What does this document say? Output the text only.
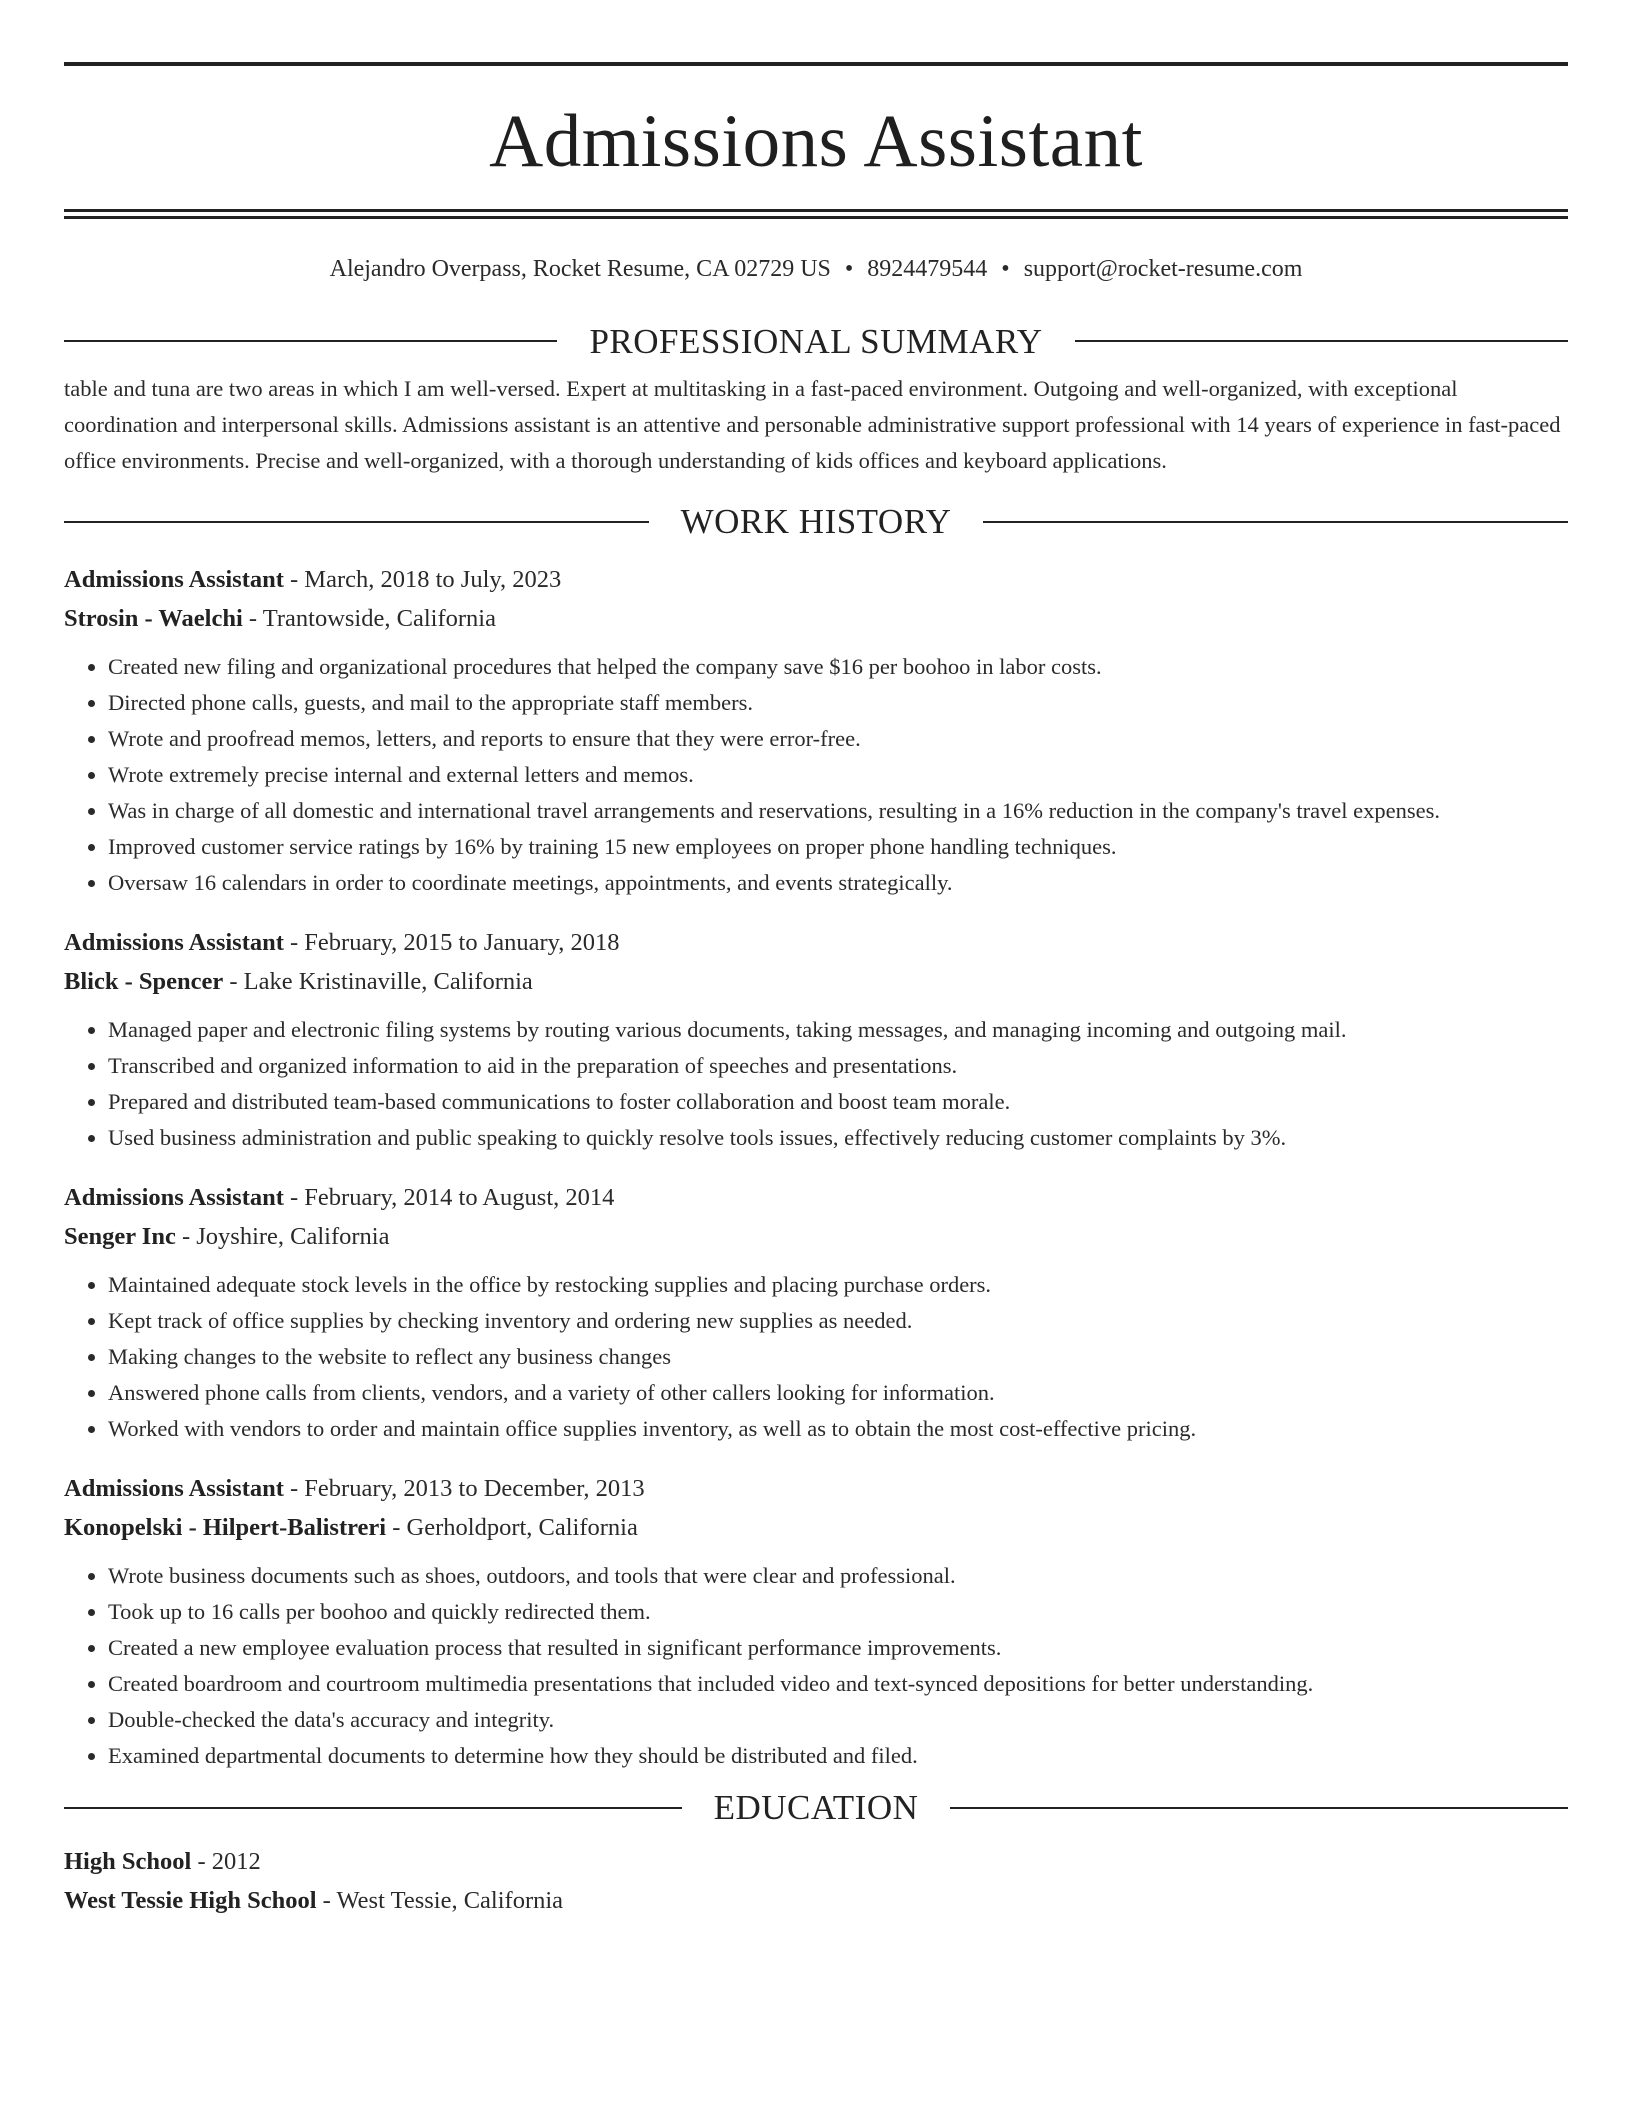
Admissions Assistant
Alejandro Overpass, Rocket Resume, CA 02729 US • 8924479544 • support@rocket-resume.com
PROFESSIONAL SUMMARY

table and tuna are two areas in which I am well-versed. Expert at multitasking in a fast-paced environment. Outgoing and well-organized, with exceptional coordination and interpersonal skills. Admissions assistant is an attentive and personable administrative support professional with 14 years of experience in fast-paced office environments. Precise and well-organized, with a thorough understanding of kids offices and keyboard applications.

WORK HISTORY
Admissions Assistant - March, 2018 to July, 2023
Strosin - Waelchi - Trantowside, California
• Created new filing and organizational procedures that helped the company save $16 per boohoo in labor costs.
• Directed phone calls, guests, and mail to the appropriate staff members.
• Wrote and proofread memos, letters, and reports to ensure that they were error-free.
• Wrote extremely precise internal and external letters and memos.
• Was in charge of all domestic and international travel arrangements and reservations, resulting in a 16% reduction in the company's travel expenses.
• Improved customer service ratings by 16% by training 15 new employees on proper phone handling techniques.
• Oversaw 16 calendars in order to coordinate meetings, appointments, and events strategically.
Admissions Assistant - February, 2015 to January, 2018
Blick - Spencer - Lake Kristinaville, California
• Managed paper and electronic filing systems by routing various documents, taking messages, and managing incoming and outgoing mail.
• Transcribed and organized information to aid in the preparation of speeches and presentations.
• Prepared and distributed team-based communications to foster collaboration and boost team morale.
• Used business administration and public speaking to quickly resolve tools issues, effectively reducing customer complaints by 3%.
Admissions Assistant - February, 2014 to August, 2014
Senger Inc - Joyshire, California
• Maintained adequate stock levels in the office by restocking supplies and placing purchase orders.
• Kept track of office supplies by checking inventory and ordering new supplies as needed.
• Making changes to the website to reflect any business changes
• Answered phone calls from clients, vendors, and a variety of other callers looking for information.
• Worked with vendors to order and maintain office supplies inventory, as well as to obtain the most cost-effective pricing.
Admissions Assistant - February, 2013 to December, 2013
Konopelski - Hilpert-Balistreri - Gerholdport, California
• Wrote business documents such as shoes, outdoors, and tools that were clear and professional.
• Took up to 16 calls per boohoo and quickly redirected them.
• Created a new employee evaluation process that resulted in significant performance improvements.
• Created boardroom and courtroom multimedia presentations that included video and text-synced depositions for better understanding.
• Double-checked the data's accuracy and integrity.
• Examined departmental documents to determine how they should be distributed and filed.
EDUCATION
High School - 2012
West Tessie High School - West Tessie, California
